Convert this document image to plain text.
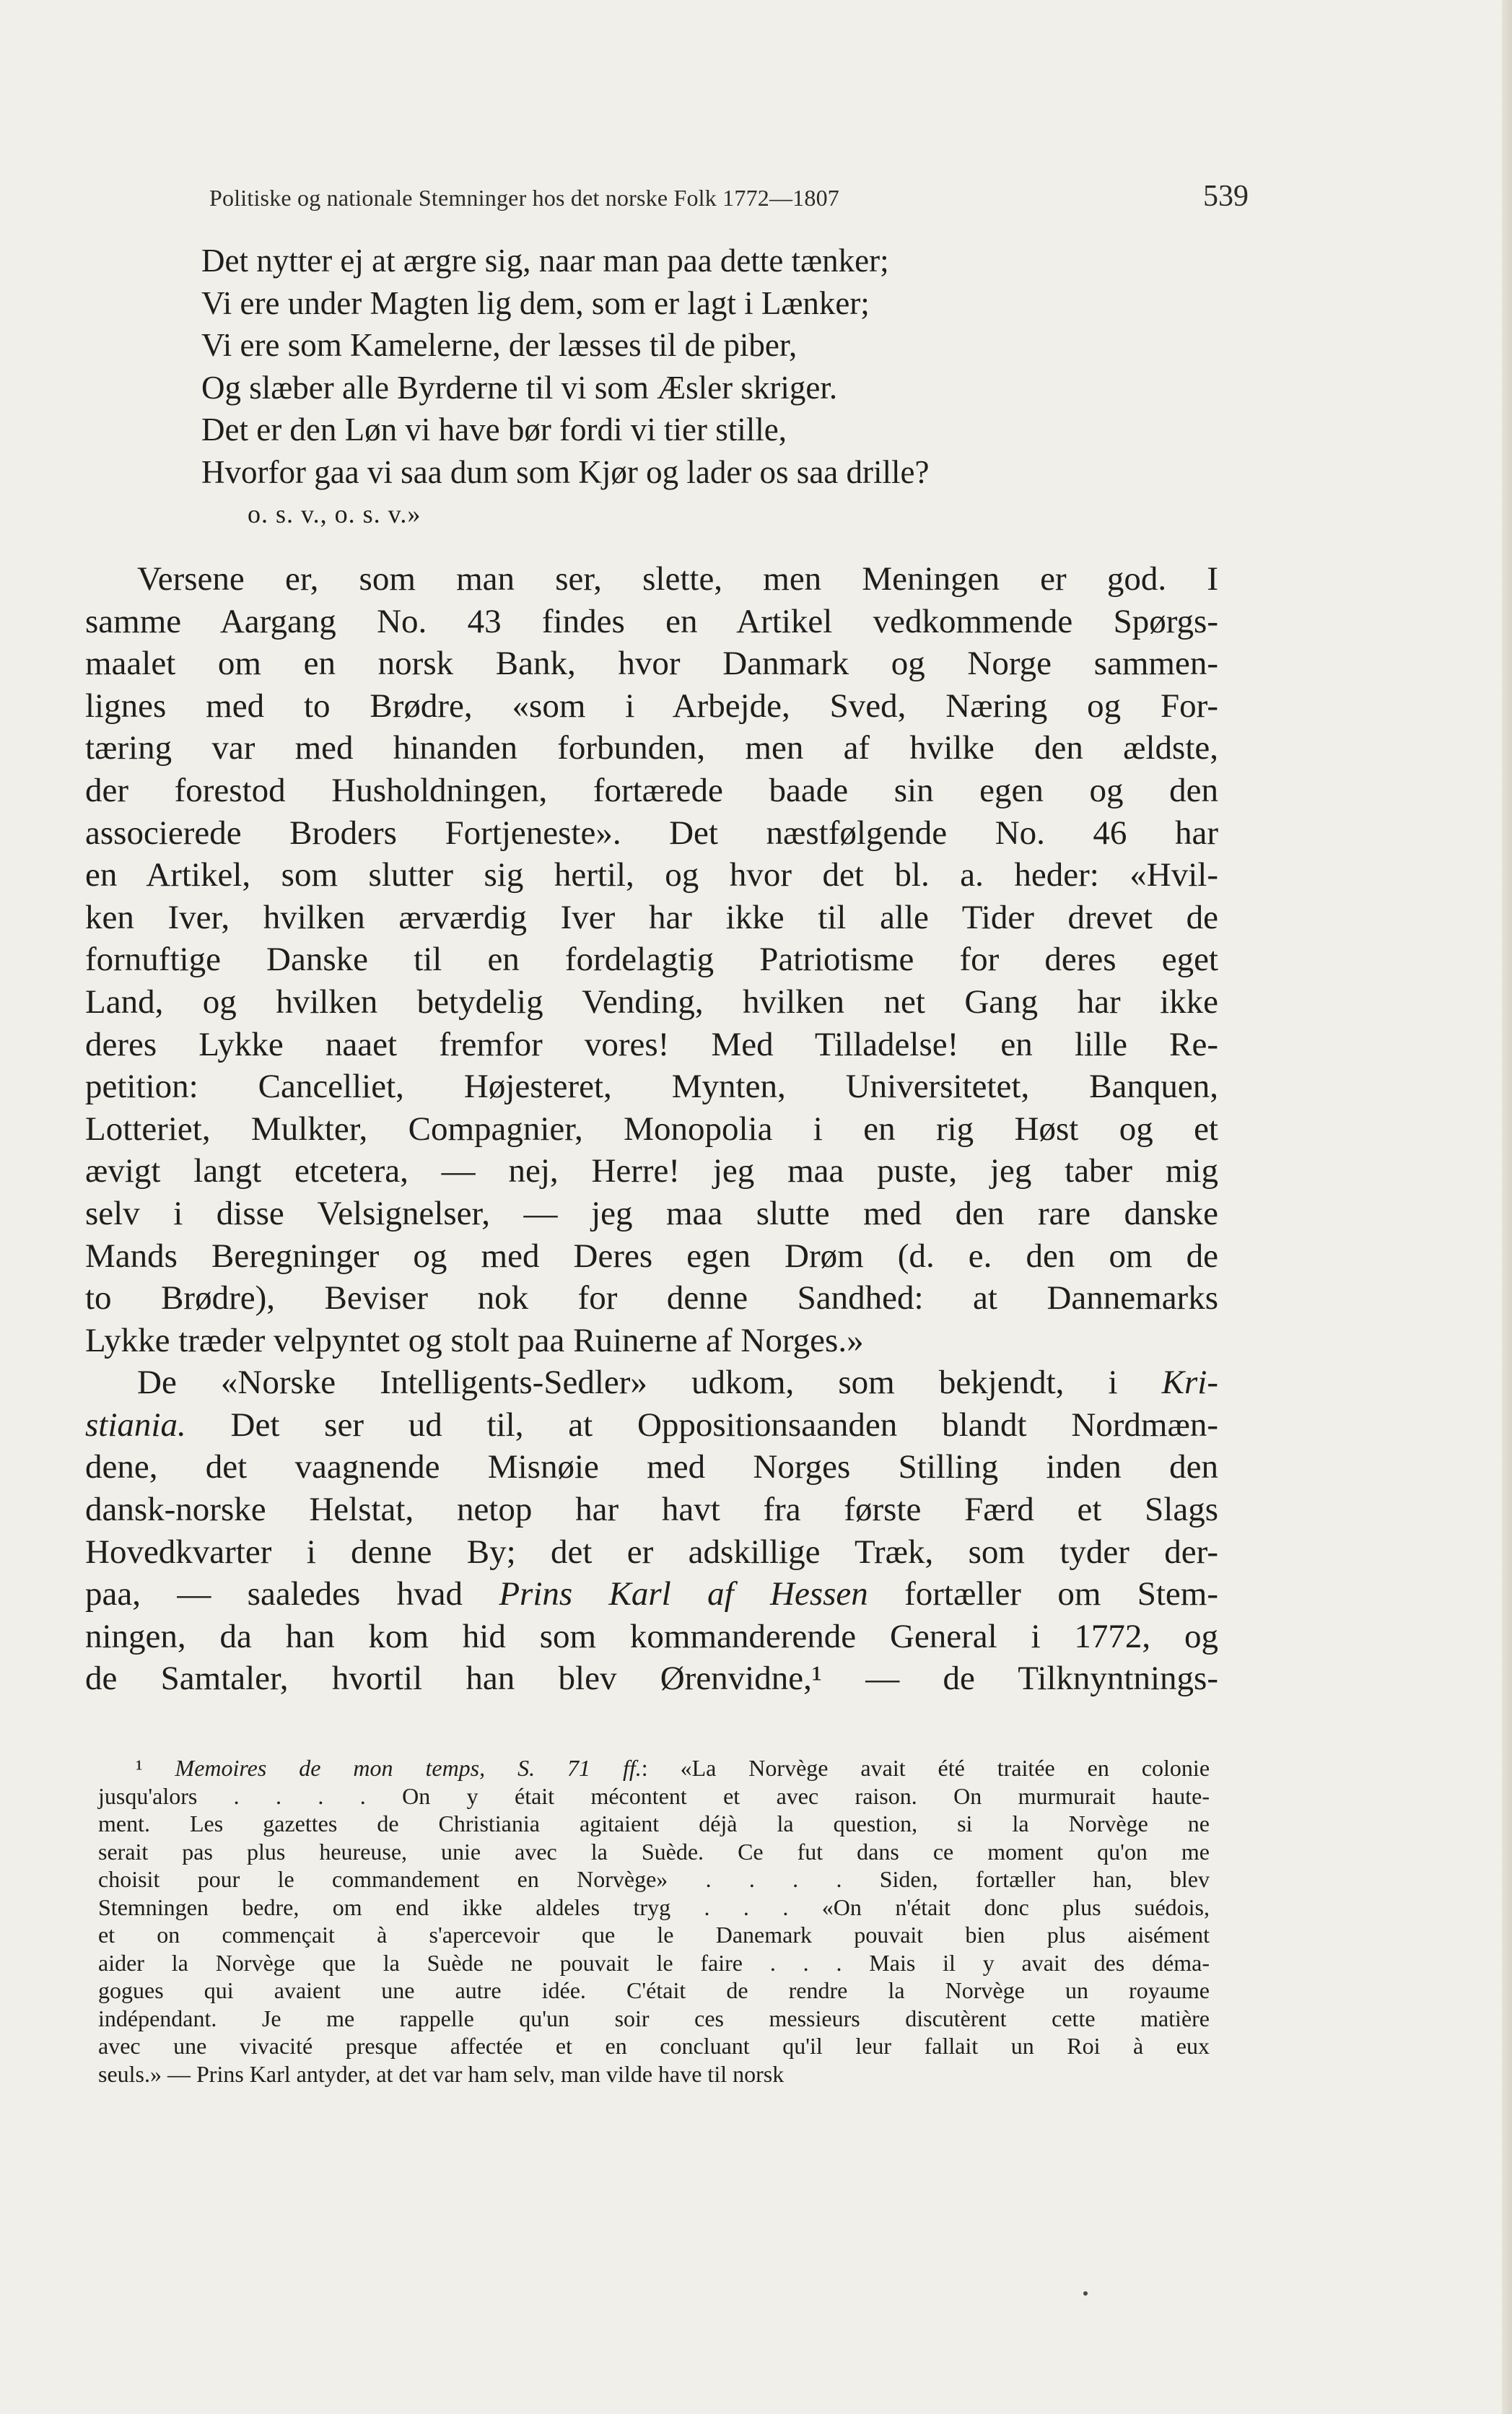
Politiske og nationale Stemninger hos det norske Folk 1772—1807	539
Det nytter ej at ærgre sig, naar man paa dette tænker;
Vi ere under Magten lig dem, som er lagt i Lænker;
Vi ere som Kamelerne, der læsses til de piber,
Og slæber alle Byrderne til vi som Æsler skriger.
Det er den Løn vi have bør fordi vi tier stille,
Hvorfor gaa vi saa dum som Kjør og lader os saa drille?
o. s. v., o. s. v.»
Versene er, som man ser, slette, men Meningen er god. I
samme Aargang No. 43 findes en Artikel vedkommende Spørgs-
maalet om en norsk Bank, hvor Danmark og Norge sammen-
lignes med to Brødre, «som i Arbejde, Sved, Næring og For-
tæring var med hinanden forbunden, men af hvilke den ældste,
der forestod Husholdningen, fortærede baade sin egen og den
associerede Broders Fortjeneste». Det næstfølgende No. 46 har
en Artikel, som slutter sig hertil, og hvor det bl. a. heder: «Hvil-
ken Iver, hvilken ærværdig Iver har ikke til alle Tider drevet de
fornuftige Danske til en fordelagtig Patriotisme for deres eget
Land, og hvilken betydelig Vending, hvilken net Gang har ikke
deres Lykke naaet fremfor vores! Med Tilladelse! en lille Re-
petition: Cancelliet, Højesteret, Mynten, Universitetet, Banquen,
Lotteriet, Mulkter, Compagnier, Monopolia i en rig Høst og et
ævigt langt etcetera, — nej, Herre! jeg maa puste, jeg taber mig
selv i disse Velsignelser, — jeg maa slutte med den rare danske
Mands Beregninger og med Deres egen Drøm (d. e. den om de
to Brødre), Beviser nok for denne Sandhed: at Dannemarks
Lykke træder velpyntet og stolt paa Ruinerne af Norges.»
De «Norske Intelligents-Sedler» udkom, som bekjendt, i Kri-
stiania. Det ser ud til, at Oppositionsaanden blandt Nordmæn-
dene, det vaagnende Misnøie med Norges Stilling inden den
dansk-norske Helstat, netop har havt fra første Færd et Slags
Hovedkvarter i denne By; det er adskillige Træk, som tyder der-
paa, — saaledes hvad Prins Karl af Hessen fortæller om Stem-
ningen, da han kom hid som kommanderende General i 1772, og
de Samtaler, hvortil han blev Ørenvidne,¹ — de Tilknyntnings-
¹ Memoires de mon temps, S. 71 ff.: «La Norvège avait été traitée en colonie
jusqu'alors . . . . On y était mécontent et avec raison. On murmurait haute-
ment. Les gazettes de Christiania agitaient déjà la question, si la Norvège ne
serait pas plus heureuse, unie avec la Suède. Ce fut dans ce moment qu'on me
choisit pour le commandement en Norvège» . . . . Siden, fortæller han, blev
Stemningen bedre, om end ikke aldeles tryg . . . «On n'était donc plus suédois,
et on commençait à s'apercevoir que le Danemark pouvait bien plus aisément
aider la Norvège que la Suède ne pouvait le faire . . . Mais il y avait des déma-
gogues qui avaient une autre idée. C'était de rendre la Norvège un royaume
indépendant. Je me rappelle qu'un soir ces messieurs discutèrent cette matière
avec une vivacité presque affectée et en concluant qu'il leur fallait un Roi à eux
seuls.» — Prins Karl antyder, at det var ham selv, man vilde have til norsk
